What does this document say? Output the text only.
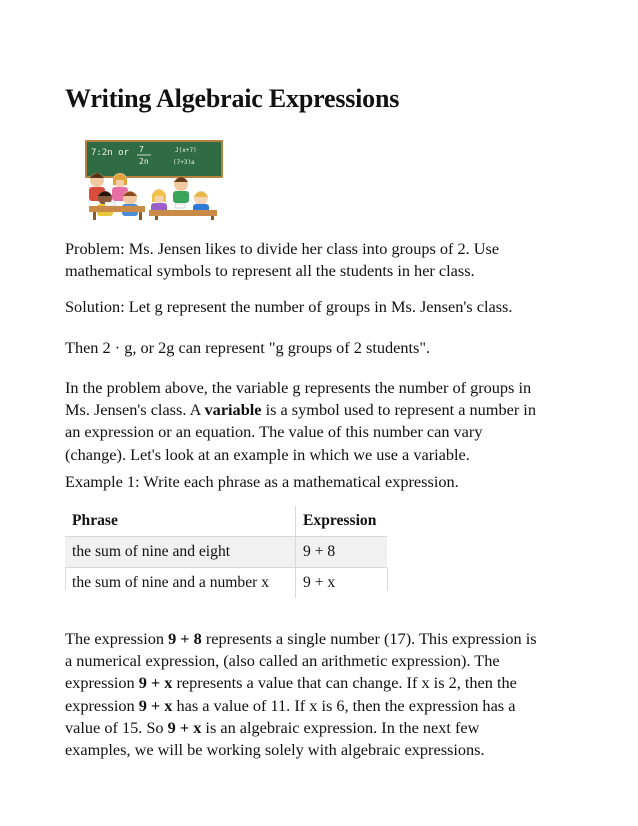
Writing Algebraic Expressions
7:2n or 7
2n
J(x+7)
(7+3)a

Problem: Ms. Jensen likes to divide her class into groups of 2. Use
mathematical symbols to represent all the students in her class.

Solution: Let g represent the number of groups in Ms. Jensen's class.

Then 2 · g, or 2g can represent "g groups of 2 students".

In the problem above, the variable g represents the number of groups in
Ms. Jensen's class. A variable is a symbol used to represent a number in
an expression or an equation. The value of this number can vary
(change). Let's look at an example in which we use a variable.

Example 1: Write each phrase as a mathematical expression.

Phrase	Expression
the sum of nine and eight	9 + 8
the sum of nine and a number x	9 + x

The expression 9 + 8 represents a single number (17). This expression is
a numerical expression, (also called an arithmetic expression). The
expression 9 + x represents a value that can change. If x is 2, then the
expression 9 + x has a value of 11. If x is 6, then the expression has a
value of 15. So 9 + x is an algebraic expression. In the next few
examples, we will be working solely with algebraic expressions.
